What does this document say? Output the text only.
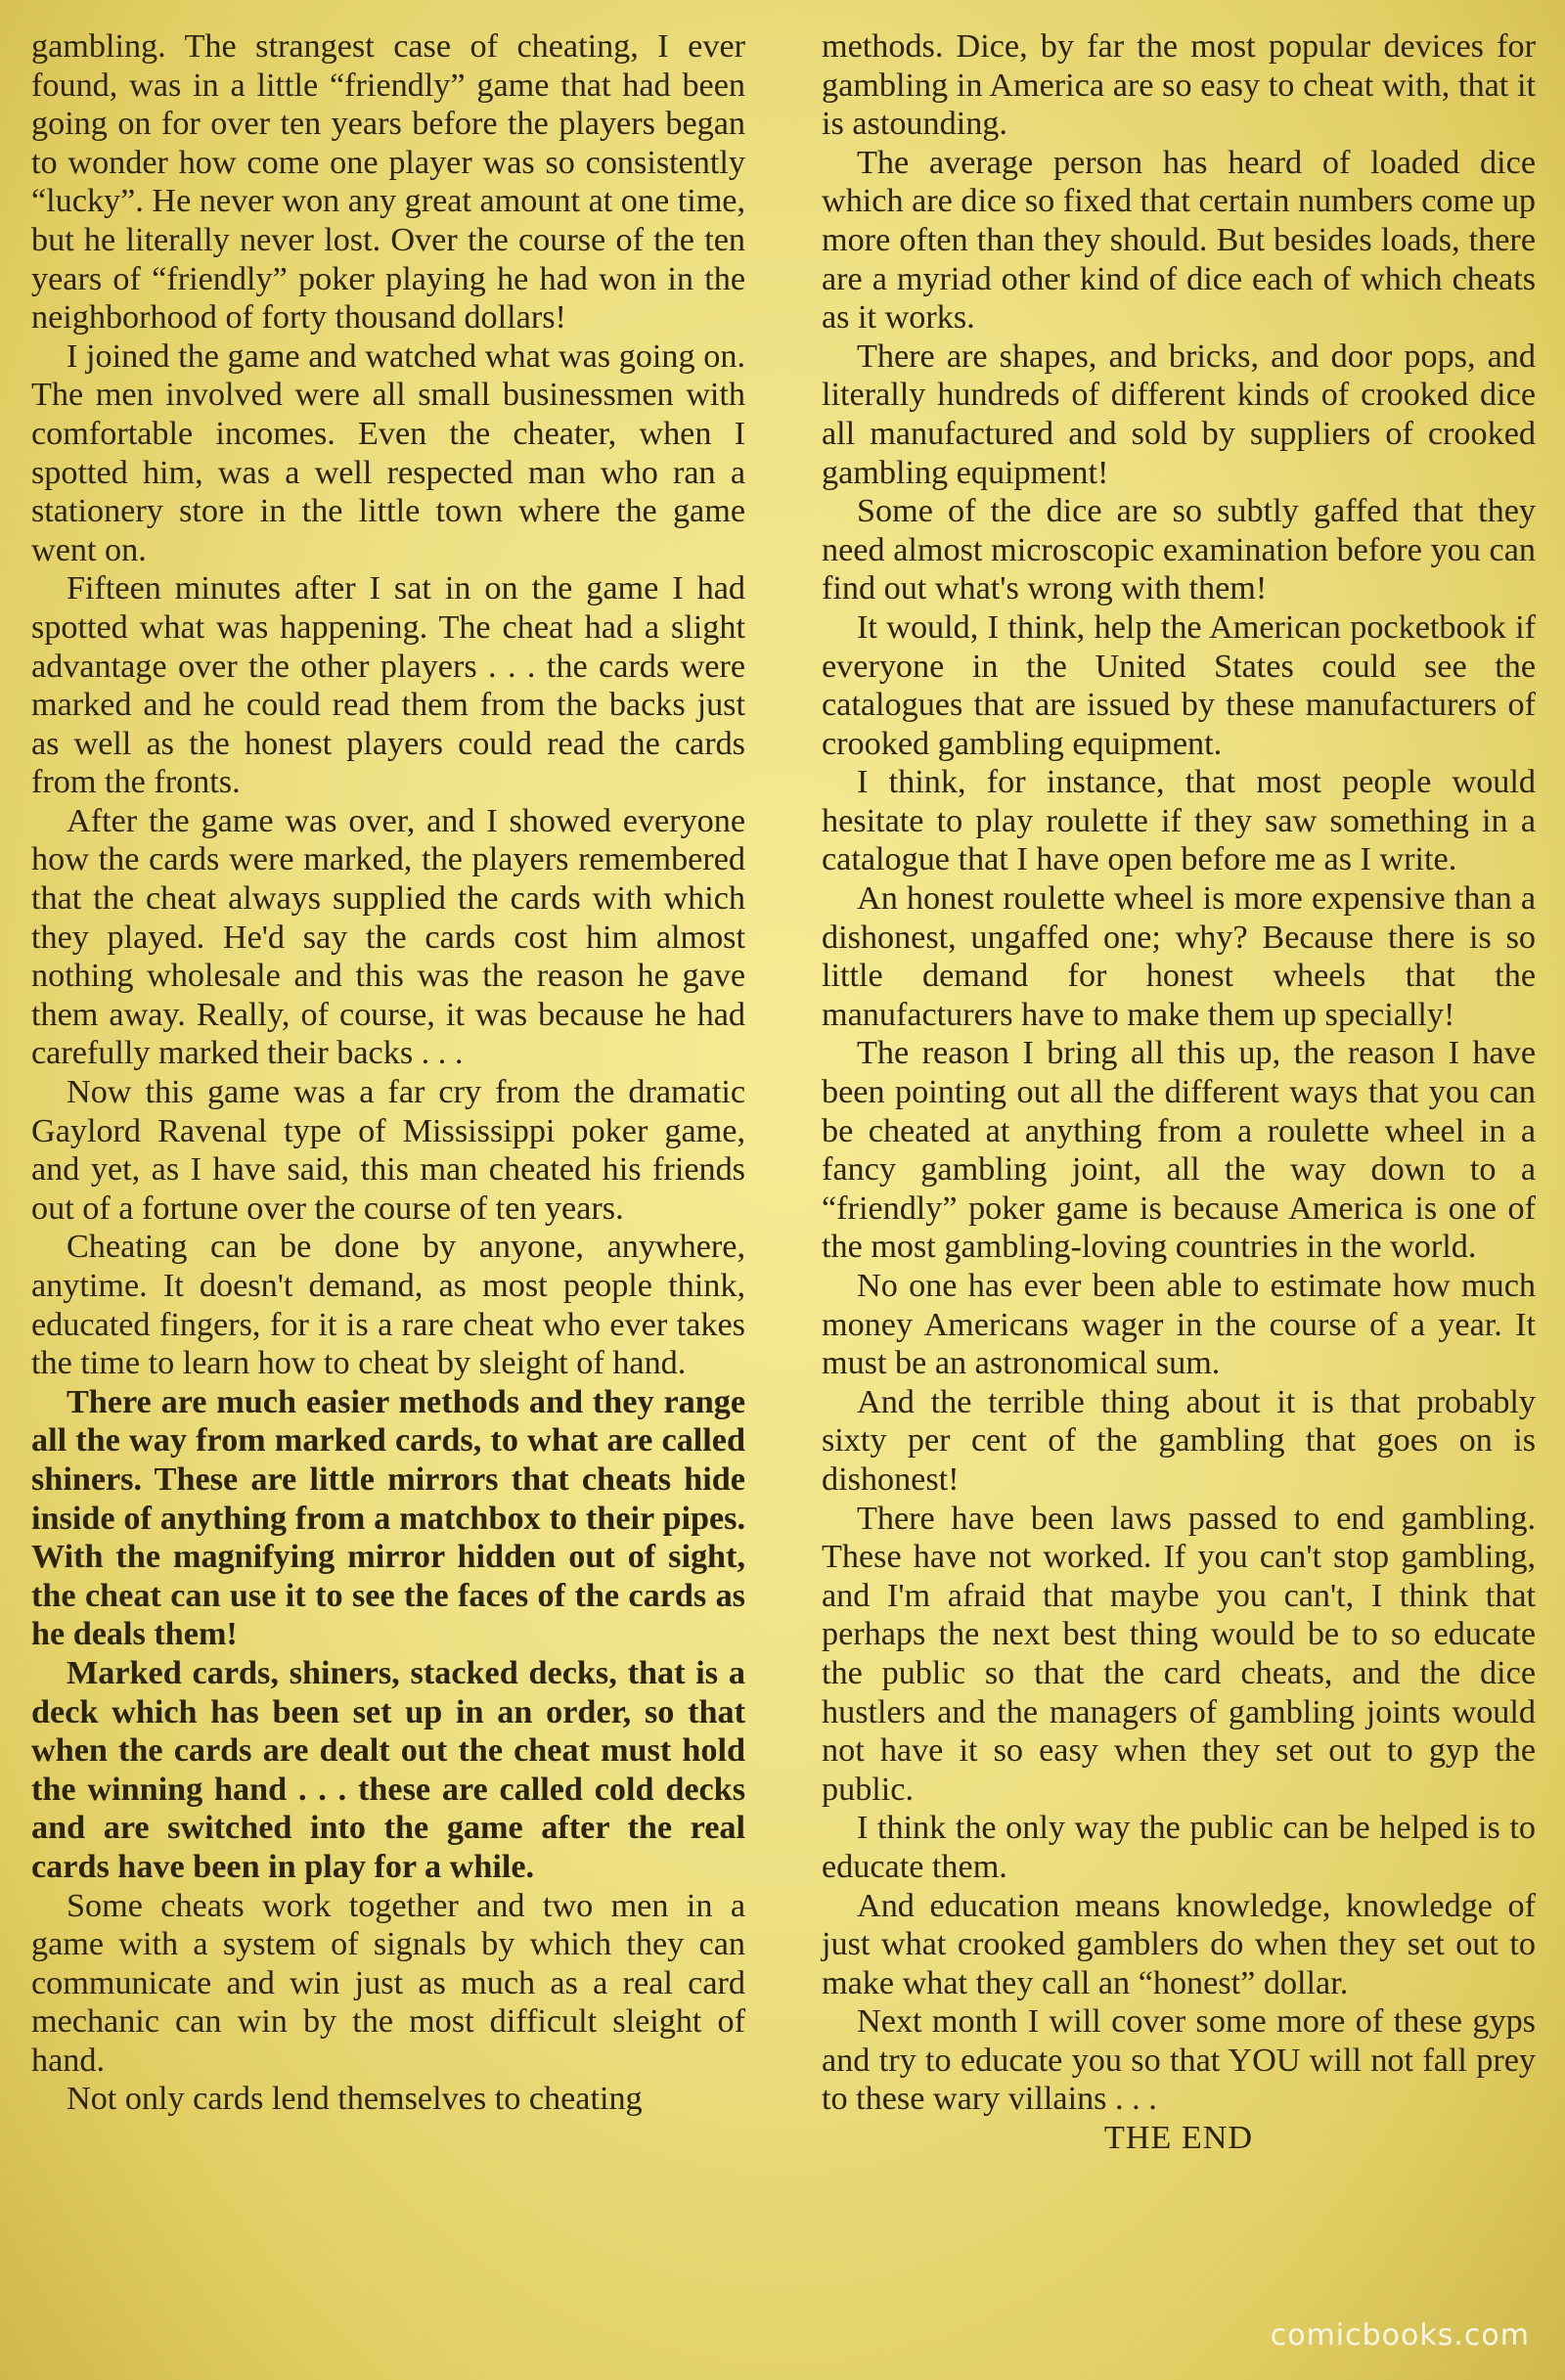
gambling. The strangest case of cheating, I ever found, was in a little “friendly” game that had been going on for over ten years before the players began to wonder how come one player was so consistently “lucky”. He never won any great amount at one time, but he literally never lost. Over the course of the ten years of “friendly” poker playing he had won in the neighborhood of forty thousand dollars!

I joined the game and watched what was going on. The men involved were all small businessmen with comfortable incomes. Even the cheater, when I spotted him, was a well respected man who ran a stationery store in the little town where the game went on.

Fifteen minutes after I sat in on the game I had spotted what was happening. The cheat had a slight advantage over the other players . . . the cards were marked and he could read them from the backs just as well as the honest players could read the cards from the fronts.

After the game was over, and I showed everyone how the cards were marked, the players remembered that the cheat always supplied the cards with which they played. He'd say the cards cost him almost nothing wholesale and this was the reason he gave them away. Really, of course, it was because he had carefully marked their backs . . .

Now this game was a far cry from the dramatic Gaylord Ravenal type of Mississippi poker game, and yet, as I have said, this man cheated his friends out of a fortune over the course of ten years.

Cheating can be done by anyone, anywhere, anytime. It doesn't demand, as most people think, educated fingers, for it is a rare cheat who ever takes the time to learn how to cheat by sleight of hand.

There are much easier methods and they range all the way from marked cards, to what are called shiners. These are little mirrors that cheats hide inside of anything from a matchbox to their pipes. With the magnifying mirror hidden out of sight, the cheat can use it to see the faces of the cards as he deals them!

Marked cards, shiners, stacked decks, that is a deck which has been set up in an order, so that when the cards are dealt out the cheat must hold the winning hand . . . these are called cold decks and are switched into the game after the real cards have been in play for a while.

Some cheats work together and two men in a game with a system of signals by which they can communicate and win just as much as a real card mechanic can win by the most difficult sleight of hand.

Not only cards lend themselves to cheating

methods. Dice, by far the most popular devices for gambling in America are so easy to cheat with, that it is astounding.

The average person has heard of loaded dice which are dice so fixed that certain numbers come up more often than they should. But besides loads, there are a myriad other kind of dice each of which cheats as it works.

There are shapes, and bricks, and door pops, and literally hundreds of different kinds of crooked dice all manufactured and sold by suppliers of crooked gambling equipment!

Some of the dice are so subtly gaffed that they need almost microscopic examination before you can find out what's wrong with them!

It would, I think, help the American pocketbook if everyone in the United States could see the catalogues that are issued by these manufacturers of crooked gambling equipment.

I think, for instance, that most people would hesitate to play roulette if they saw something in a catalogue that I have open before me as I write.

An honest roulette wheel is more expensive than a dishonest, ungaffed one; why? Because there is so little demand for honest wheels that the manufacturers have to make them up specially!

The reason I bring all this up, the reason I have been pointing out all the different ways that you can be cheated at anything from a roulette wheel in a fancy gambling joint, all the way down to a “friendly” poker game is because America is one of the most gambling-loving countries in the world.

No one has ever been able to estimate how much money Americans wager in the course of a year. It must be an astronomical sum.

And the terrible thing about it is that probably sixty per cent of the gambling that goes on is dishonest!

There have been laws passed to end gambling. These have not worked. If you can't stop gambling, and I'm afraid that maybe you can't, I think that perhaps the next best thing would be to so educate the public so that the card cheats, and the dice hustlers and the managers of gambling joints would not have it so easy when they set out to gyp the public.

I think the only way the public can be helped is to educate them.

And education means knowledge, knowledge of just what crooked gamblers do when they set out to make what they call an “honest” dollar.

Next month I will cover some more of these gyps and try to educate you so that YOU will not fall prey to these wary villains . . .

THE END

comicbooks.com
